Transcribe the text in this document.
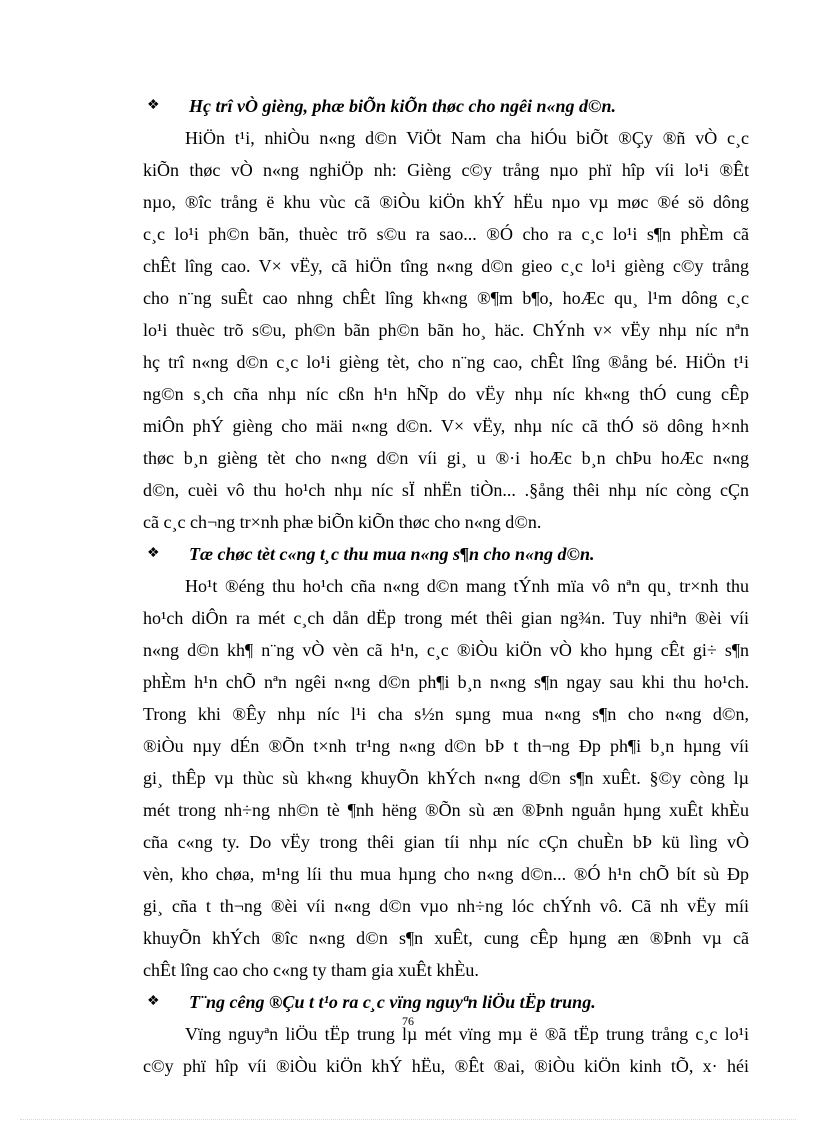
❖	Hç trî vÒ gièng, phæ biÕn kiÕn thøc cho ngêi n«ng d©n.
HiÖn t¹i, nhiÒu n«ng d©n ViÖt Nam cha hiÓu biÕt ®Çy ®ñ vÒ c¸c
kiÕn thøc vÒ n«ng nghiÖp nh: Gièng c©y trång nµo phï hîp víi lo¹i ®Êt
nµo, ®îc trång ë khu vùc cã ®iÒu kiÖn khÝ hËu nµo vµ møc ®é sö dông
c¸c lo¹i ph©n bãn, thuèc trõ s©u ra sao... ®Ó cho ra c¸c lo¹i s¶n phÈm cã
chÊt lîng cao. V× vËy, cã hiÖn tîng n«ng d©n gieo c¸c lo¹i gièng c©y trång
cho n¨ng suÊt cao nhng chÊt lîng kh«ng ®¶m b¶o, hoÆc qu¸ l¹m dông c¸c
lo¹i thuèc trõ s©u, ph©n bãn ph©n bãn ho¸ häc. ChÝnh v× vËy nhµ níc nªn
hç trî n«ng d©n c¸c lo¹i gièng tèt, cho n¨ng cao, chÊt lîng ®ång bé. HiÖn t¹i
ng©n s¸ch cña nhµ níc cßn h¹n hÑp do vËy nhµ níc kh«ng thÓ cung cÊp
miÔn phÝ gièng cho mäi n«ng d©n. V× vËy, nhµ níc cã thÓ sö dông h×nh
thøc b¸n gièng tèt cho n«ng d©n víi gi¸ u ®·i hoÆc b¸n chÞu hoÆc n«ng
d©n, cuèi vô thu ho¹ch nhµ níc sÏ nhËn tiÒn... .§ång thêi nhµ níc còng cÇn
cã c¸c ch¬ng tr×nh phæ biÕn kiÕn thøc cho n«ng d©n.
❖	Tæ chøc tèt c«ng t¸c thu mua n«ng s¶n cho n«ng d©n.
Ho¹t ®éng thu ho¹ch cña n«ng d©n mang tÝnh mïa vô nªn qu¸ tr×nh thu
ho¹ch diÔn ra mét c¸ch dån dËp trong mét thêi gian ng¾n. Tuy nhiªn ®èi víi
n«ng d©n kh¶ n¨ng vÒ vèn cã h¹n, c¸c ®iÒu kiÖn vÒ kho hµng cÊt gi÷ s¶n
phÈm h¹n chÕ nªn ngêi n«ng d©n ph¶i b¸n n«ng s¶n ngay sau khi thu ho¹ch.
Trong khi ®Êy nhµ níc l¹i cha s½n sµng mua n«ng s¶n cho n«ng d©n,
®iÒu nµy dÉn ®Õn t×nh tr¹ng n«ng d©n bÞ t th¬ng Ðp ph¶i b¸n hµng víi
gi¸ thÊp vµ thùc sù kh«ng khuyÕn khÝch n«ng d©n s¶n xuÊt. §©y còng lµ
mét trong nh÷ng nh©n tè ¶nh hëng ®Õn sù æn ®Þnh nguån hµng xuÊt khÈu
cña c«ng ty. Do vËy trong thêi gian tíi nhµ níc cÇn chuÈn bÞ kü lìng vÒ
vèn, kho chøa, m¹ng líi thu mua hµng cho n«ng d©n... ®Ó h¹n chÕ bít sù Ðp
gi¸ cña t th¬ng ®èi víi n«ng d©n vµo nh÷ng lóc chÝnh vô. Cã nh vËy míi
khuyÕn khÝch ®îc n«ng d©n s¶n xuÊt, cung cÊp hµng æn ®Þnh vµ cã
chÊt lîng cao cho c«ng ty tham gia xuÊt khÈu.
❖	T¨ng cêng ®Çu t t¹o ra c¸c vïng nguyªn liÖu tËp trung.
Vïng nguyªn liÖu tËp trung lµ mét vïng mµ ë ®ã tËp trung trång c¸c lo¹i
c©y phï hîp víi ®iÒu kiÖn khÝ hËu, ®Êt ®ai, ®iÒu kiÖn kinh tÕ, x· héi
76
